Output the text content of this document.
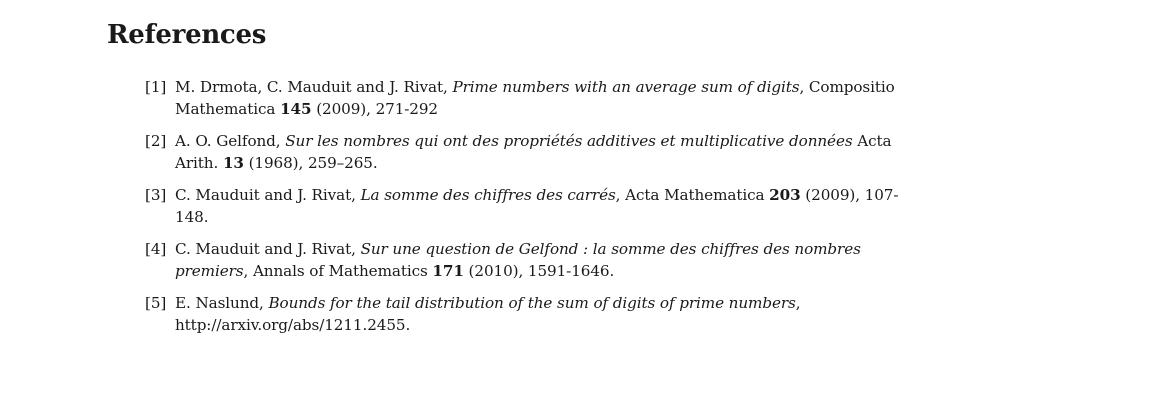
References
[1] M. Drmota, C. Mauduit and J. Rivat, Prime numbers with an average sum of digits, Compositio Mathematica 145 (2009), 271-292
[2] A. O. Gelfond, Sur les nombres qui ont des propriétés additives et multiplicative données Acta Arith. 13 (1968), 259–265.
[3] C. Mauduit and J. Rivat, La somme des chiffres des carrés, Acta Mathematica 203 (2009), 107-148.
[4] C. Mauduit and J. Rivat, Sur une question de Gelfond : la somme des chiffres des nombres premiers, Annals of Mathematics 171 (2010), 1591-1646.
[5] E. Naslund, Bounds for the tail distribution of the sum of digits of prime numbers, http://arxiv.org/abs/1211.2455.
